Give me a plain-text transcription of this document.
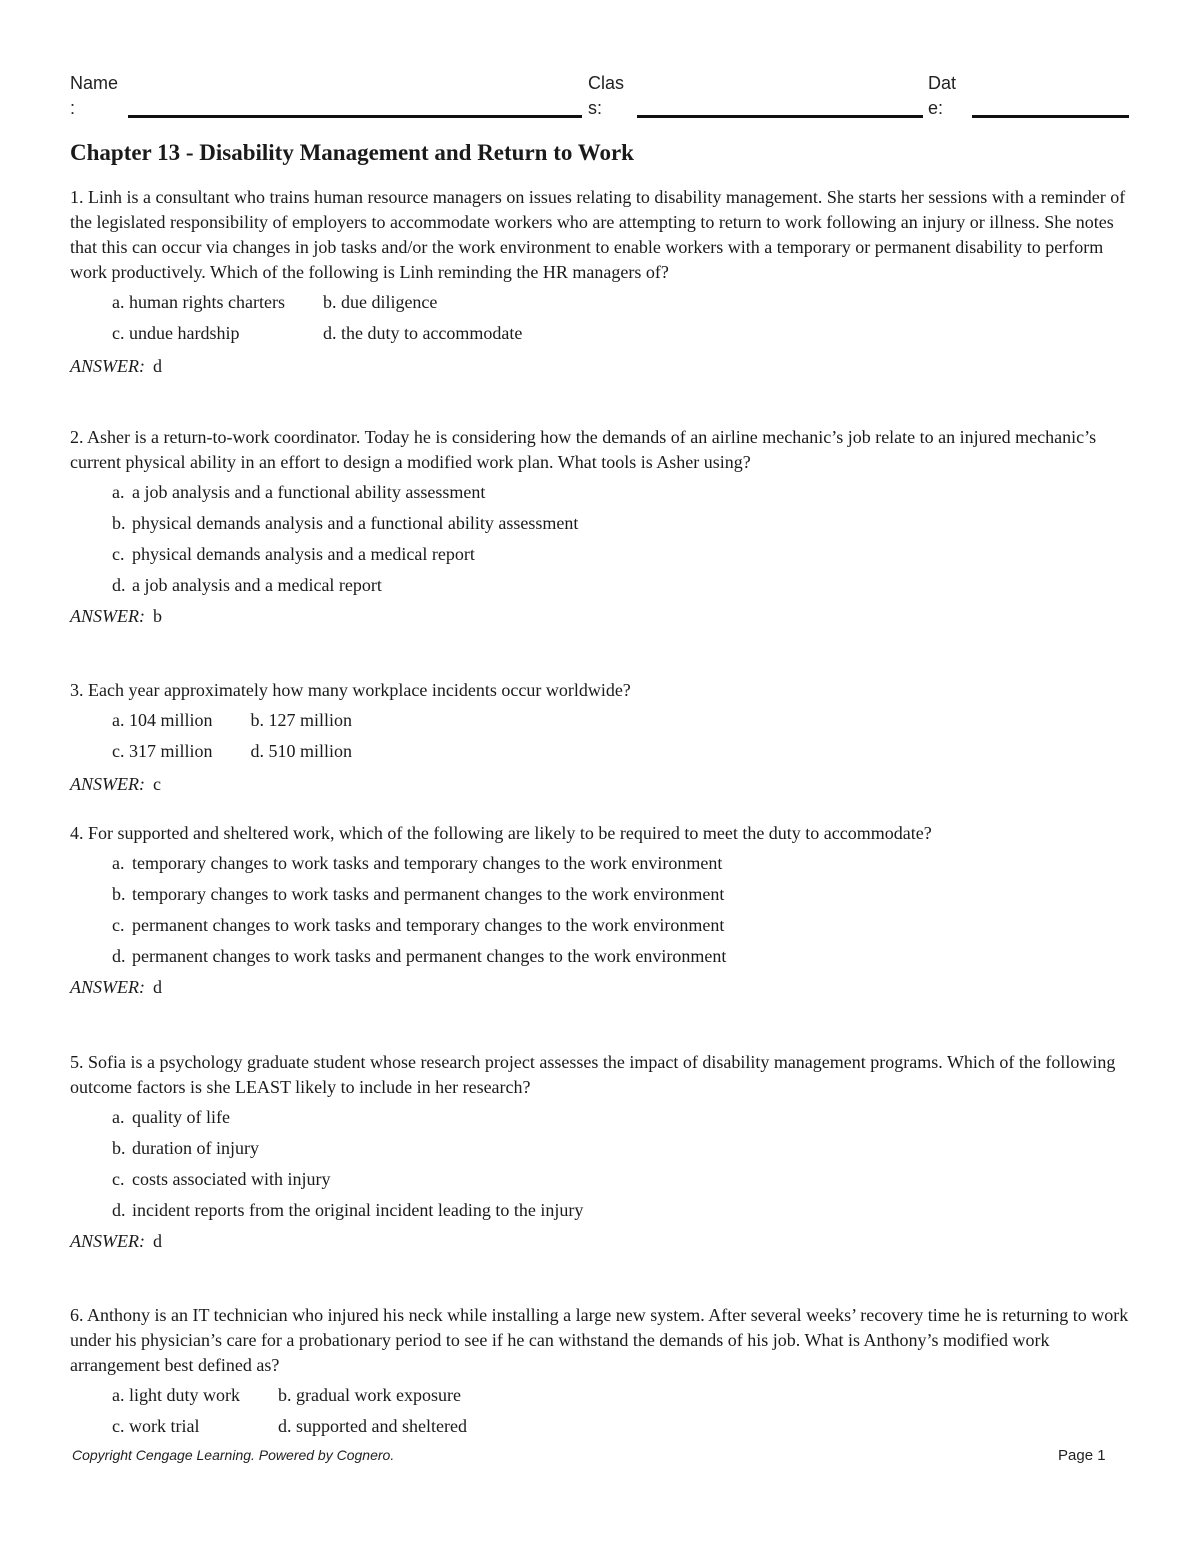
Name
:
Clas
s:
Dat
e:
Chapter 13 - Disability Management and Return to Work

1. Linh is a consultant who trains human resource managers on issues relating to disability management. She starts her sessions with a reminder of the legislated responsibility of employers to accommodate workers who are attempting to return to work following an injury or illness. She notes that this can occur via changes in job tasks and/or the work environment to enable workers with a temporary or permanent disability to perform work productively. Which of the following is Linh reminding the HR managers of?

a. human rights charters b. due diligence
c. undue hardship	d. the duty to accommodate
ANSWER: d

2. Asher is a return-to-work coordinator. Today he is considering how the demands of an airline mechanic’s job relate to an injured mechanic’s current physical ability in an effort to design a modified work plan. What tools is Asher using?

a. a job analysis and a functional ability assessment
b. physical demands analysis and a functional ability assessment
c. physical demands analysis and a medical report
d. a job analysis and a medical report
ANSWER: b

3. Each year approximately how many workplace incidents occur worldwide?

a. 104 million b. 127 million
c. 317 million d. 510 million
ANSWER: c

4. For supported and sheltered work, which of the following are likely to be required to meet the duty to accommodate?

a. temporary changes to work tasks and temporary changes to the work environment
b. temporary changes to work tasks and permanent changes to the work environment
c. permanent changes to work tasks and temporary changes to the work environment
d. permanent changes to work tasks and permanent changes to the work environment
ANSWER: d

5. Sofia is a psychology graduate student whose research project assesses the impact of disability management programs. Which of the following outcome factors is she LEAST likely to include in her research?

a. quality of life
b. duration of injury
c. costs associated with injury
d. incident reports from the original incident leading to the injury
ANSWER: d

6. Anthony is an IT technician who injured his neck while installing a large new system. After several weeks’ recovery time he is returning to work under his physician’s care for a probationary period to see if he can withstand the demands of his job. What is Anthony’s modified work arrangement best defined as?

a. light duty work b. gradual work exposure
c. work trial	d. supported and sheltered
Copyright Cengage Learning. Powered by Cognero.	Page 1
